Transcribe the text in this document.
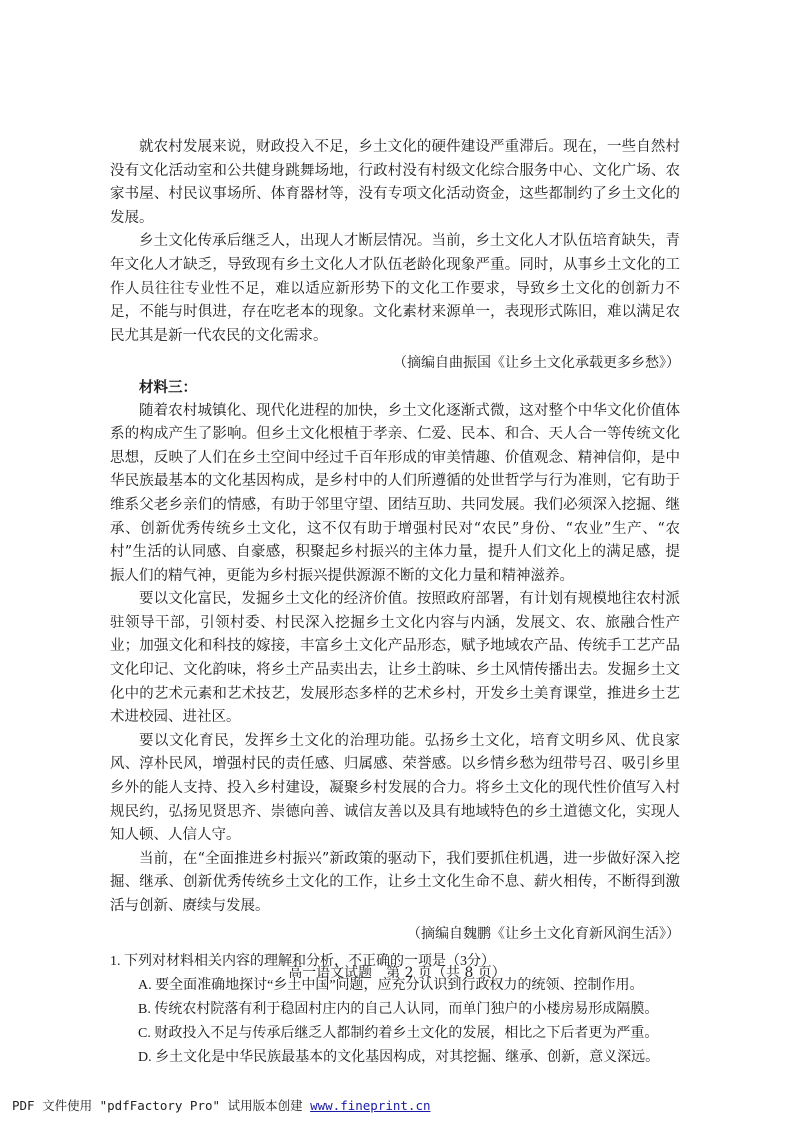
就农村发展来说，财政投入不足，乡土文化的硬件建设严重滞后。现在，一些自然村没有文化活动室和公共健身跳舞场地，行政村没有村级文化综合服务中心、文化广场、农家书屋、村民议事场所、体育器材等，没有专项文化活动资金，这些都制约了乡土文化的发展。

乡土文化传承后继乏人，出现人才断层情况。当前，乡土文化人才队伍培育缺失，青年文化人才缺乏，导致现有乡土文化人才队伍老龄化现象严重。同时，从事乡土文化的工作人员往往专业性不足，难以适应新形势下的文化工作要求，导致乡土文化的创新力不足，不能与时俱进，存在吃老本的现象。文化素材来源单一，表现形式陈旧，难以满足农民尤其是新一代农民的文化需求。

（摘编自曲振国《让乡土文化承载更多乡愁》）

材料三：

随着农村城镇化、现代化进程的加快，乡土文化逐渐式微，这对整个中华文化价值体系的构成产生了影响。但乡土文化根植于孝亲、仁爱、民本、和合、天人合一等传统文化思想，反映了人们在乡土空间中经过千百年形成的审美情趣、价值观念、精神信仰，是中华民族最基本的文化基因构成，是乡村中的人们所遵循的处世哲学与行为准则，它有助于维系父老乡亲们的情感，有助于邻里守望、团结互助、共同发展。我们必须深入挖掘、继承、创新优秀传统乡土文化，这不仅有助于增强村民对“农民”身份、“农业”生产、“农村”生活的认同感、自豪感，积聚起乡村振兴的主体力量，提升人们文化上的满足感，提振人们的精气神，更能为乡村振兴提供源源不断的文化力量和精神滋养。

要以文化富民，发掘乡土文化的经济价值。按照政府部署，有计划有规模地往农村派驻领导干部，引领村委、村民深入挖掘乡土文化内容与内涵，发展文、农、旅融合性产业；加强文化和科技的嫁接，丰富乡土文化产品形态，赋予地域农产品、传统手工艺产品文化印记、文化韵味，将乡土产品卖出去，让乡土韵味、乡土风情传播出去。发掘乡土文化中的艺术元素和艺术技艺，发展形态多样的艺术乡村，开发乡土美育课堂，推进乡土艺术进校园、进社区。

要以文化育民，发挥乡土文化的治理功能。弘扬乡土文化，培育文明乡风、优良家风、淳朴民风，增强村民的责任感、归属感、荣誉感。以乡情乡愁为纽带号召、吸引乡里乡外的能人支持、投入乡村建设，凝聚乡村发展的合力。将乡土文化的现代性价值写入村规民约，弘扬见贤思齐、崇德向善、诚信友善以及具有地域特色的乡土道德文化，实现人知人顿、人信人守。

当前，在“全面推进乡村振兴”新政策的驱动下，我们要抓住机遇，进一步做好深入挖掘、继承、创新优秀传统乡土文化的工作，让乡土文化生命不息、薪火相传，不断得到激活与创新、赓续与发展。

（摘编自魏鹏《让乡土文化育新风润生活》）

1. 下列对材料相关内容的理解和分析，不正确的一项是（3分）

A. 要全面准确地探讨“乡土中国”问题，应充分认识到行政权力的统领、控制作用。

B. 传统农村院落有利于稳固村庄内的自己人认同，而单门独户的小楼房易形成隔膜。

C. 财政投入不足与传承后继乏人都制约着乡土文化的发展，相比之下后者更为严重。

D. 乡土文化是中华民族最基本的文化基因构成，对其挖掘、继承、创新，意义深远。

高一语文试题　第 2 页（共 8 页）
PDF 文件使用 "pdfFactory Pro" 试用版本创建 www.fineprint.cn
